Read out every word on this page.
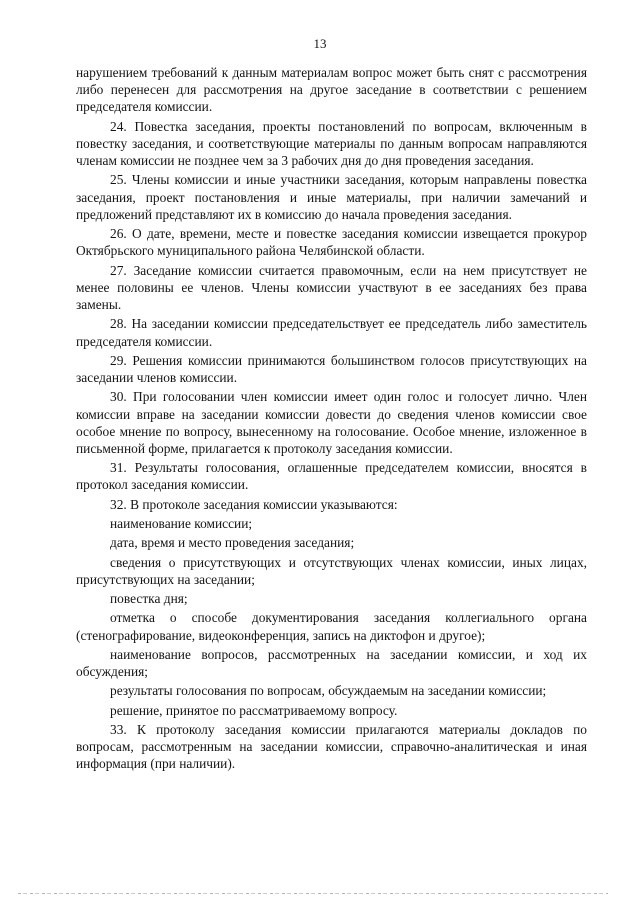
13

нарушением требований к данным материалам вопрос может быть снят с рассмотрения либо перенесен для рассмотрения на другое заседание в соответствии с решением председателя комиссии.

24. Повестка заседания, проекты постановлений по вопросам, включенным в повестку заседания, и соответствующие материалы по данным вопросам направляются членам комиссии не позднее чем за 3 рабочих дня до дня проведения заседания.

25. Члены комиссии и иные участники заседания, которым направлены повестка заседания, проект постановления и иные материалы, при наличии замечаний и предложений представляют их в комиссию до начала проведения заседания.

26. О дате, времени, месте и повестке заседания комиссии извещается прокурор Октябрьского муниципального района Челябинской области.

27. Заседание комиссии считается правомочным, если на нем присутствует не менее половины ее членов. Члены комиссии участвуют в ее заседаниях без права замены.

28. На заседании комиссии председательствует ее председатель либо заместитель председателя комиссии.

29. Решения комиссии принимаются большинством голосов присутствующих на заседании членов комиссии.

30. При голосовании член комиссии имеет один голос и голосует лично. Член комиссии вправе на заседании комиссии довести до сведения членов комиссии свое особое мнение по вопросу, вынесенному на голосование. Особое мнение, изложенное в письменной форме, прилагается к протоколу заседания комиссии.

31. Результаты голосования, оглашенные председателем комиссии, вносятся в протокол заседания комиссии.

32. В протоколе заседания комиссии указываются:

наименование комиссии;

дата, время и место проведения заседания;

сведения о присутствующих и отсутствующих членах комиссии, иных лицах, присутствующих на заседании;

повестка дня;

отметка о способе документирования заседания коллегиального органа (стенографирование, видеоконференция, запись на диктофон и другое);

наименование вопросов, рассмотренных на заседании комиссии, и ход их обсуждения;

результаты голосования по вопросам, обсуждаемым на заседании комиссии;

решение, принятое по рассматриваемому вопросу.

33. К протоколу заседания комиссии прилагаются материалы докладов по вопросам, рассмотренным на заседании комиссии, справочно-аналитическая и иная информация (при наличии).
